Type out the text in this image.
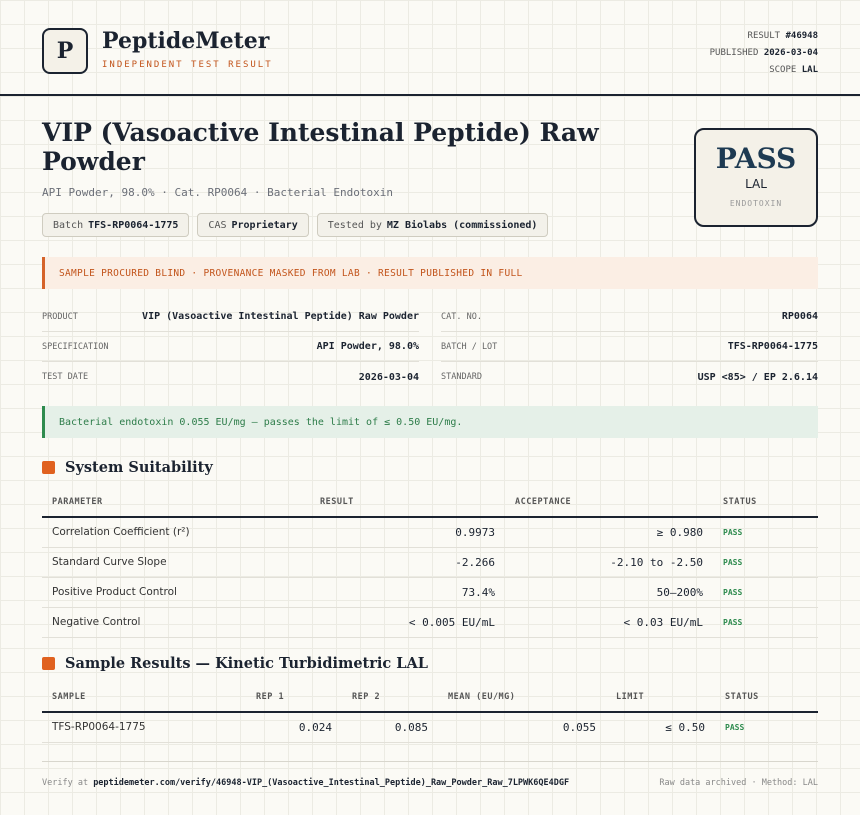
P	PeptideMeter
INDEPENDENT TEST RESULT
RESULT #46948
PUBLISHED 2026-03-04
SCOPE LAL
VIP (Vasoactive Intestinal Peptide) Raw Powder
API Powder, 98.0% · Cat. RP0064 · Bacterial Endotoxin
Batch TFS-RP0064-1775	CAS Proprietary	Tested by MZ Biolabs (commissioned)
PASS
LAL
ENDOTOXIN
SAMPLE PROCURED BLIND · PROVENANCE MASKED FROM LAB · RESULT PUBLISHED IN FULL
PRODUCT	VIP (Vasoactive Intestinal Peptide) Raw Powder
SPECIFICATION	API Powder, 98.0%
TEST DATE	2026-03-04
CAT. NO.	RP0064
BATCH / LOT	TFS-RP0064-1775
STANDARD	USP <85> / EP 2.6.14
Bacterial endotoxin 0.055 EU/mg — passes the limit of ≤ 0.50 EU/mg.
System Suitability
PARAMETER	RESULT	ACCEPTANCE	STATUS
Correlation Coefficient (r²)	0.9973	≥ 0.980	PASS
Standard Curve Slope	-2.266	-2.10 to -2.50	PASS
Positive Product Control	73.4%	50–200%	PASS
Negative Control	< 0.005 EU/mL	< 0.03 EU/mL	PASS
Sample Results — Kinetic Turbidimetric LAL
SAMPLE	REP 1	REP 2	MEAN (EU/MG)	LIMIT	STATUS
TFS-RP0064-1775	0.024	0.085	0.055	≤ 0.50	PASS
Verify at peptidemeter.com/verify/46948-VIP_(Vasoactive_Intestinal_Peptide)_Raw_Powder_Raw_7LPWK6QE4DGF	Raw data archived · Method: LAL
